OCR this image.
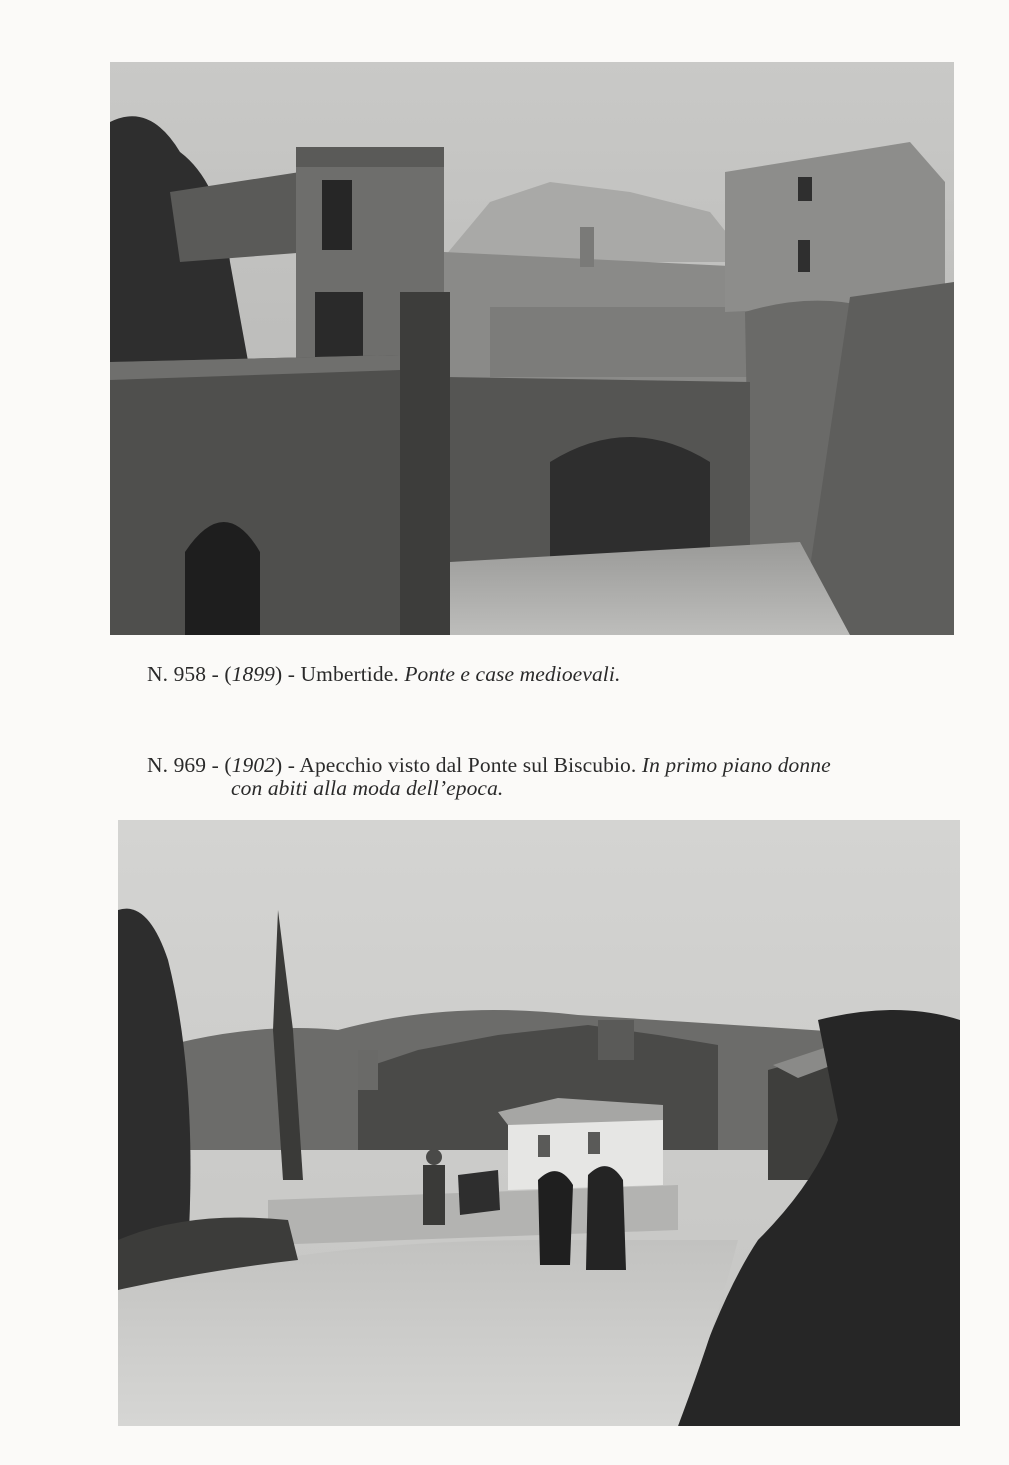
N. 958 - (1899) - Umbertide. Ponte e case medioevali.
N. 969 - (1902) - Apecchio visto dal Ponte sul Biscubio. In primo piano donne
con abiti alla moda dell’epoca.
